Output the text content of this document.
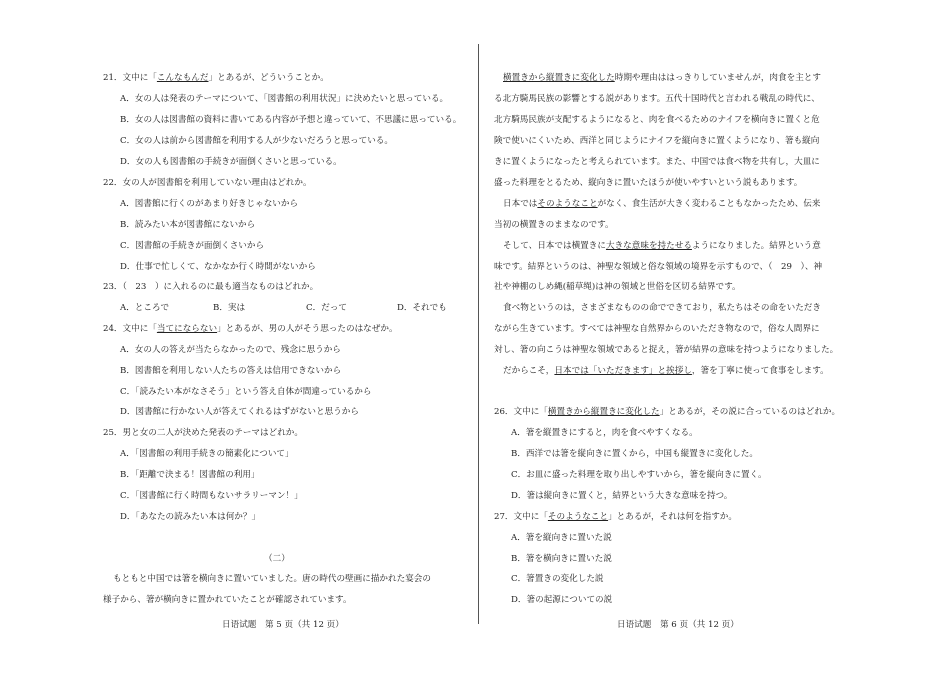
21．文中に「こんなもんだ」とあるが、どういうことか。
A．女の人は発表のテーマについて、「図書館の利用状況」に決めたいと思っている。
B．女の人は図書館の資料に書いてある内容が予想と違っていて、不思議に思っている。
C．女の人は前から図書館を利用する人が少ないだろうと思っている。
D．女の人も図書館の手続きが面倒くさいと思っている。
22．女の人が図書館を利用していない理由はどれか。
A．図書館に行くのがあまり好きじゃないから
B．読みたい本が図書館にないから
C．図書館の手続きが面倒くさいから
D．仕事で忙しくて、なかなか行く時間がないから
23．（　23　）に入れるのに最も適当なものはどれか。
A．ところで	B．実は	C．だって	D．それでも
24．文中に「当てにならない」とあるが、男の人がそう思ったのはなぜか。
A．女の人の答えが当たらなかったので、残念に思うから
B．図書館を利用しない人たちの答えは信用できないから
C．「読みたい本がなさそう」という答え自体が間違っているから
D．図書館に行かない人が答えてくれるはずがないと思うから
25．男と女の二人が決めた発表のテーマはどれか。
A．「図書館の利用手続きの簡素化について」
B．「距離で決まる！図書館の利用」
C．「図書館に行く時間もないサラリーマン！」
D．「あなたの読みたい本は何か？」
（二）
もともと中国では箸を横向きに置いていました。唐の時代の壁画に描かれた宴会の
様子から、箸が横向きに置かれていたことが確認されています。
日语试题　第 5 页（共 12 页）
横置きから縦置きに変化した時期や理由ははっきりしていませんが，肉食を主とす
る北方騎馬民族の影響とする説があります。五代十国時代と言われる戦乱の時代に、
北方騎馬民族が支配するようになると、肉を食べるためのナイフを横向きに置くと危
険で使いにくいため、西洋と同じようにナイフを縦向きに置くようになり、箸も縦向
きに置くようになったと考えられています。また、中国では食べ物を共有し，大皿に
盛った料理をとるため、縦向きに置いたほうが使いやすいという説もあります。
日本ではそのようなことがなく、食生活が大きく変わることもなかったため、伝来
当初の横置きのままなのです。
そして、日本では横置きに大きな意味を持たせるようになりました。結界という意
味です。結界というのは、神聖な領域と俗な領域の境界を示すもので、（　29　）、神
社や神棚のしめ縄(稲草绳)は神の領域と世俗を区切る結界です。
食べ物というのは，さまざまなものの命でできており，私たちはその命をいただき
ながら生きています。すべては神聖な自然界からのいただき物なので，俗な人間界に
対し、箸の向こうは神聖な領域であると捉え，箸が結界の意味を持つようになりました。
だからこそ，日本では「いただきます」と挨拶し，箸を丁寧に使って食事をします。
26．文中に「横置きから縦置きに変化した」とあるが，その説に合っているのはどれか。
A．箸を縦置きにすると，肉を食べやすくなる。
B．西洋では箸を縦向きに置くから，中国も縦置きに変化した。
C．お皿に盛った料理を取り出しやすいから，箸を縦向きに置く。
D．箸は縦向きに置くと，結界という大きな意味を持つ。
27．文中に「そのようなこと」とあるが，それは何を指すか。
A．箸を縦向きに置いた説
B．箸を横向きに置いた説
C．箸置きの変化した説
D．箸の起源についての説
日语试题　第 6 页（共 12 页）
